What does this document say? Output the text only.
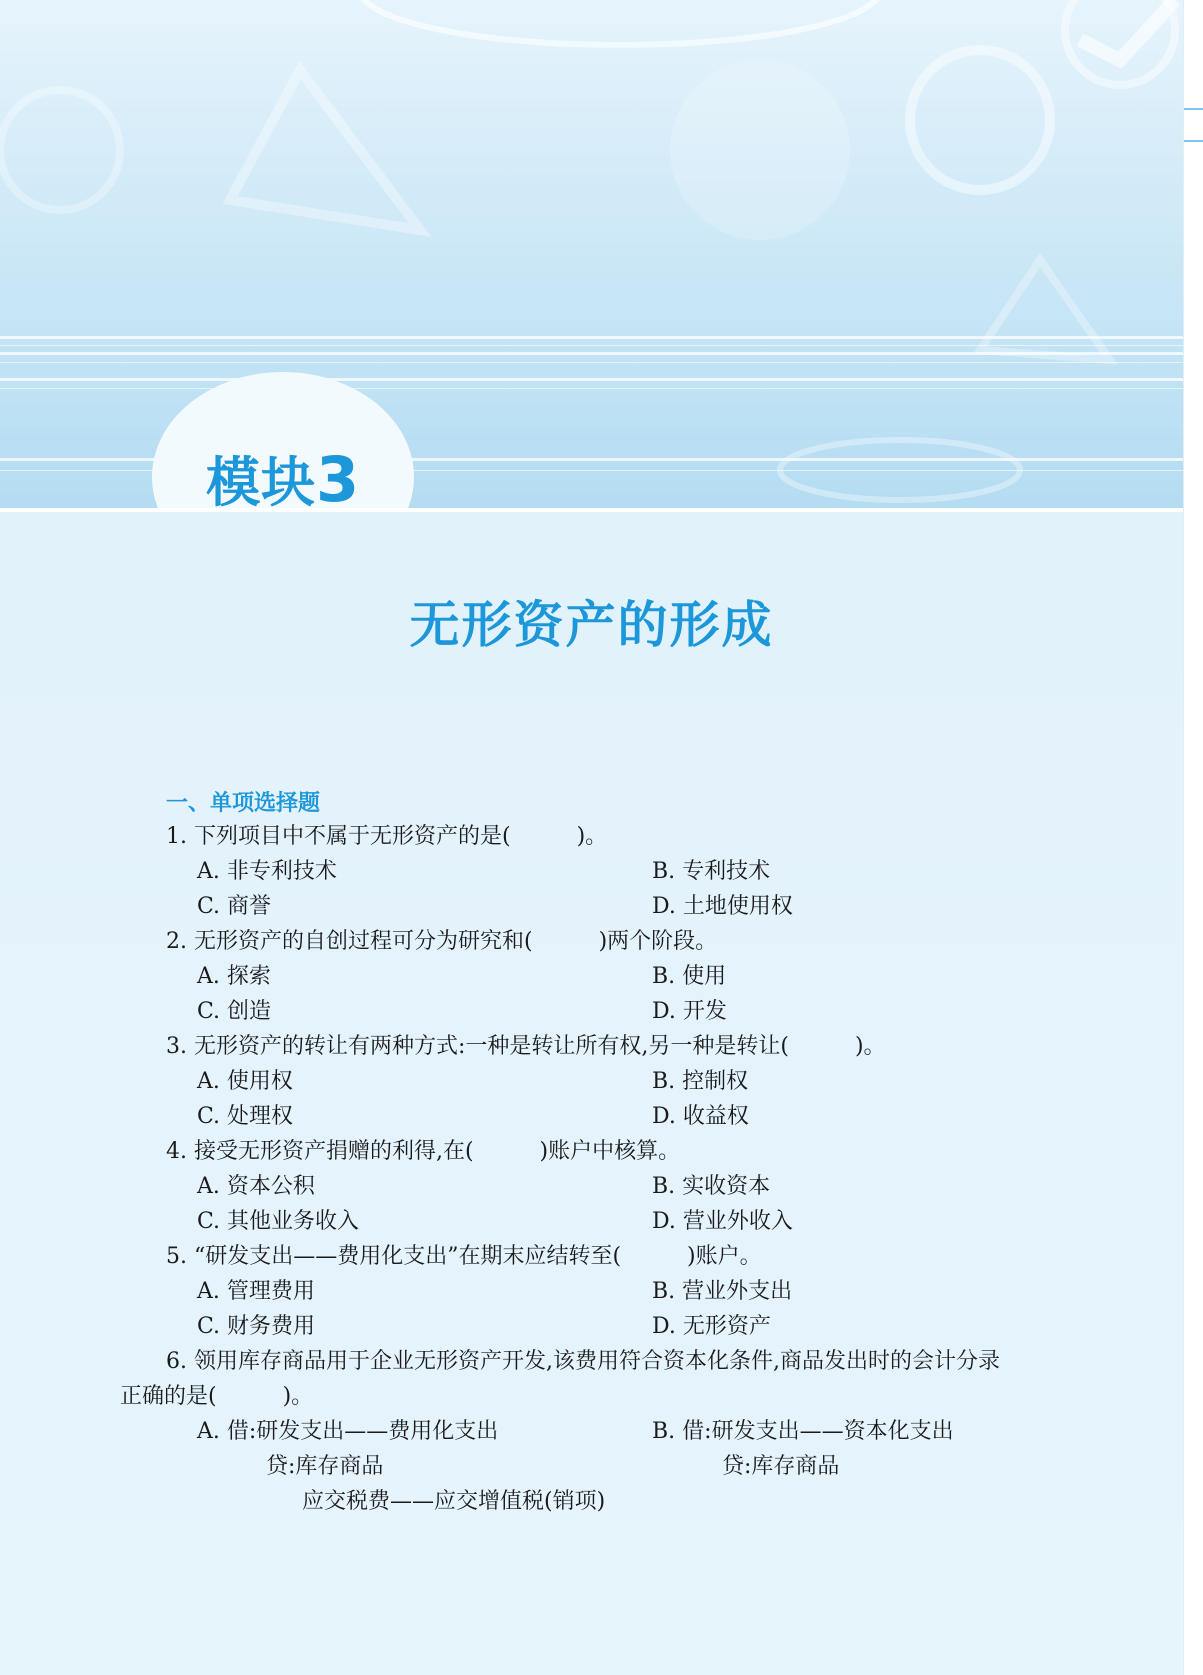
模块3
无形资产的形成
一、单项选择题
1. 下列项目中不属于无形资产的是(　　　)。
A. 非专利技术	B. 专利技术
C. 商誉	D. 土地使用权
2. 无形资产的自创过程可分为研究和(　　　)两个阶段。
A. 探索	B. 使用
C. 创造	D. 开发
3. 无形资产的转让有两种方式:一种是转让所有权,另一种是转让(　　　)。
A. 使用权	B. 控制权
C. 处理权	D. 收益权
4. 接受无形资产捐赠的利得,在(　　　)账户中核算。
A. 资本公积	B. 实收资本
C. 其他业务收入	D. 营业外收入
5. “研发支出——费用化支出”在期末应结转至(　　　)账户。
A. 管理费用	B. 营业外支出
C. 财务费用	D. 无形资产
6. 领用库存商品用于企业无形资产开发,该费用符合资本化条件,商品发出时的会计分录
正确的是(　　　)。
A. 借:研发支出——费用化支出	B. 借:研发支出——资本化支出
贷:库存商品	贷:库存商品
应交税费——应交增值税(销项)
